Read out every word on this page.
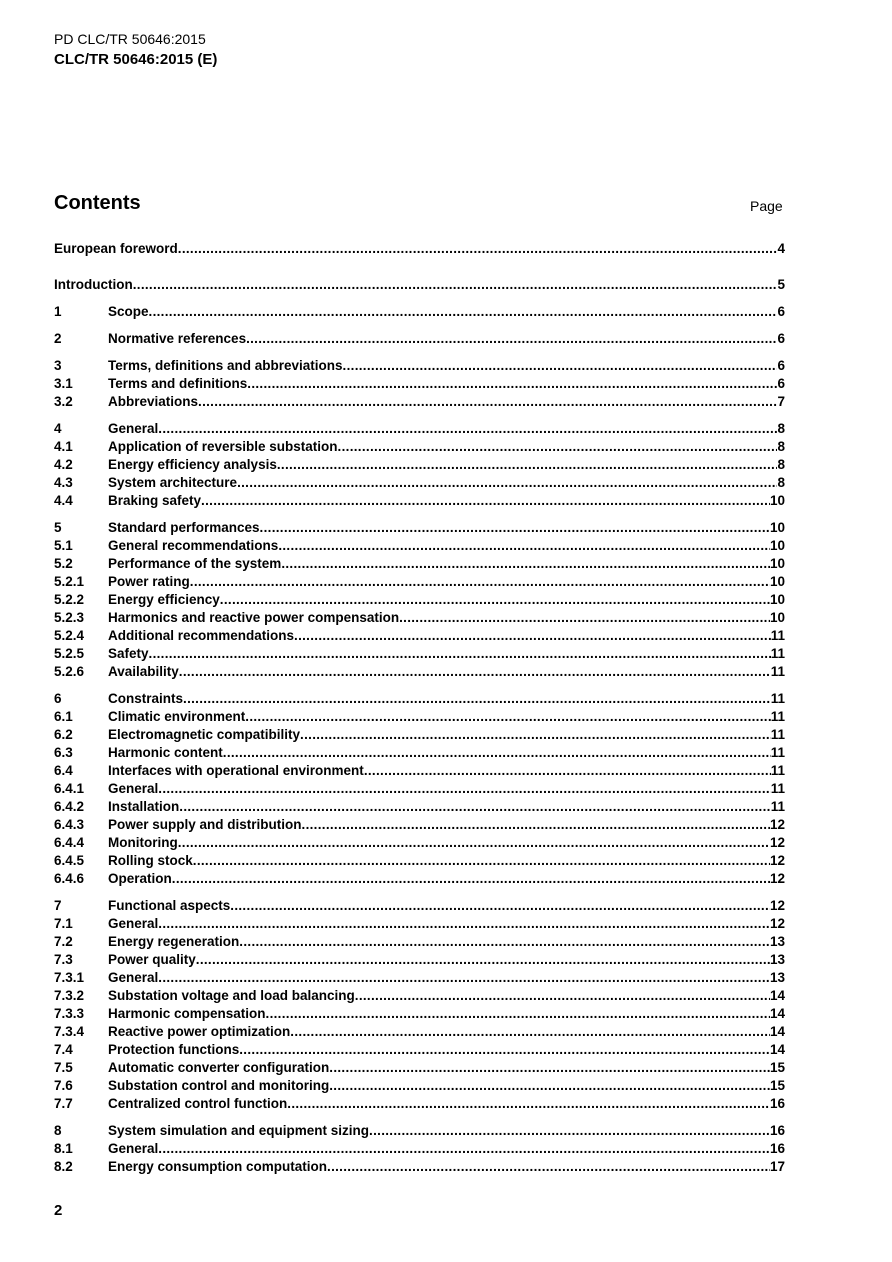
PD CLC/TR 50646:2015
CLC/TR 50646:2015 (E)
Contents	Page
European foreword .....	4
Introduction .....	5
1	Scope .....	6
2	Normative references .....	6
3	Terms, definitions and abbreviations .....	6
3.1	Terms and definitions .....	6
3.2	Abbreviations .....	7
4	General .....	8
4.1	Application of reversible substation .....	8
4.2	Energy efficiency analysis .....	8
4.3	System architecture .....	8
4.4	Braking safety .....	10
5	Standard performances .....	10
5.1	General recommendations .....	10
5.2	Performance of the system .....	10
5.2.1	Power rating .....	10
5.2.2	Energy efficiency .....	10
5.2.3	Harmonics and reactive power compensation .....	10
5.2.4	Additional recommendations .....	11
5.2.5	Safety .....	11
5.2.6	Availability .....	11
6	Constraints .....	11
6.1	Climatic environment .....	11
6.2	Electromagnetic compatibility .....	11
6.3	Harmonic content .....	11
6.4	Interfaces with operational environment .....	11
6.4.1	General .....	11
6.4.2	Installation .....	11
6.4.3	Power supply and distribution .....	12
6.4.4	Monitoring .....	12
6.4.5	Rolling stock .....	12
6.4.6	Operation .....	12
7	Functional aspects .....	12
7.1	General .....	12
7.2	Energy regeneration .....	13
7.3	Power quality .....	13
7.3.1	General .....	13
7.3.2	Substation voltage and load balancing .....	14
7.3.3	Harmonic compensation .....	14
7.3.4	Reactive power optimization .....	14
7.4	Protection functions .....	14
7.5	Automatic converter configuration .....	15
7.6	Substation control and monitoring .....	15
7.7	Centralized control function .....	16
8	System simulation and equipment sizing .....	16
8.1	General .....	16
8.2	Energy consumption computation .....	17
2
